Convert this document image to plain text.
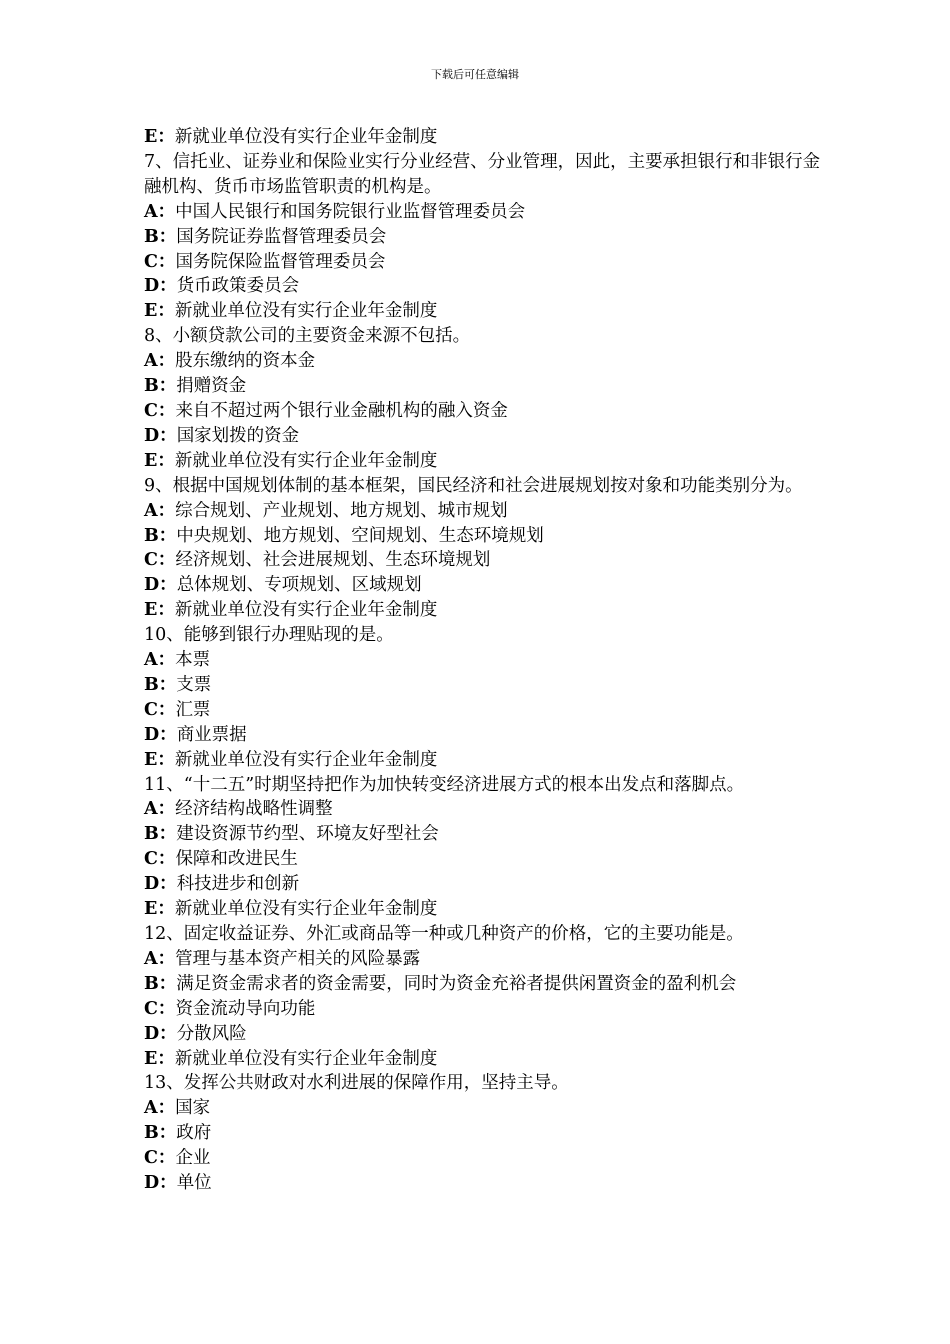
下载后可任意编辑
E：新就业单位没有实行企业年金制度
7、信托业、证券业和保险业实行分业经营、分业管理，因此，主要承担银行和非银行金融机构、货币市场监管职责的机构是。
A：中国人民银行和国务院银行业监督管理委员会
B：国务院证券监督管理委员会
C：国务院保险监督管理委员会
D：货币政策委员会
E：新就业单位没有实行企业年金制度
8、小额贷款公司的主要资金来源不包括。
A：股东缴纳的资本金
B：捐赠资金
C：来自不超过两个银行业金融机构的融入资金
D：国家划拨的资金
E：新就业单位没有实行企业年金制度
9、根据中国规划体制的基本框架，国民经济和社会进展规划按对象和功能类别分为。
A：综合规划、产业规划、地方规划、城市规划
B：中央规划、地方规划、空间规划、生态环境规划
C：经济规划、社会进展规划、生态环境规划
D：总体规划、专项规划、区域规划
E：新就业单位没有实行企业年金制度
10、能够到银行办理贴现的是。
A：本票
B：支票
C：汇票
D：商业票据
E：新就业单位没有实行企业年金制度
11、“十二五”时期坚持把作为加快转变经济进展方式的根本出发点和落脚点。
A：经济结构战略性调整
B：建设资源节约型、环境友好型社会
C：保障和改进民生
D：科技进步和创新
E：新就业单位没有实行企业年金制度
12、固定收益证券、外汇或商品等一种或几种资产的价格，它的主要功能是。
A：管理与基本资产相关的风险暴露
B：满足资金需求者的资金需要，同时为资金充裕者提供闲置资金的盈利机会
C：资金流动导向功能
D：分散风险
E：新就业单位没有实行企业年金制度
13、发挥公共财政对水利进展的保障作用，坚持主导。
A：国家
B：政府
C：企业
D：单位
